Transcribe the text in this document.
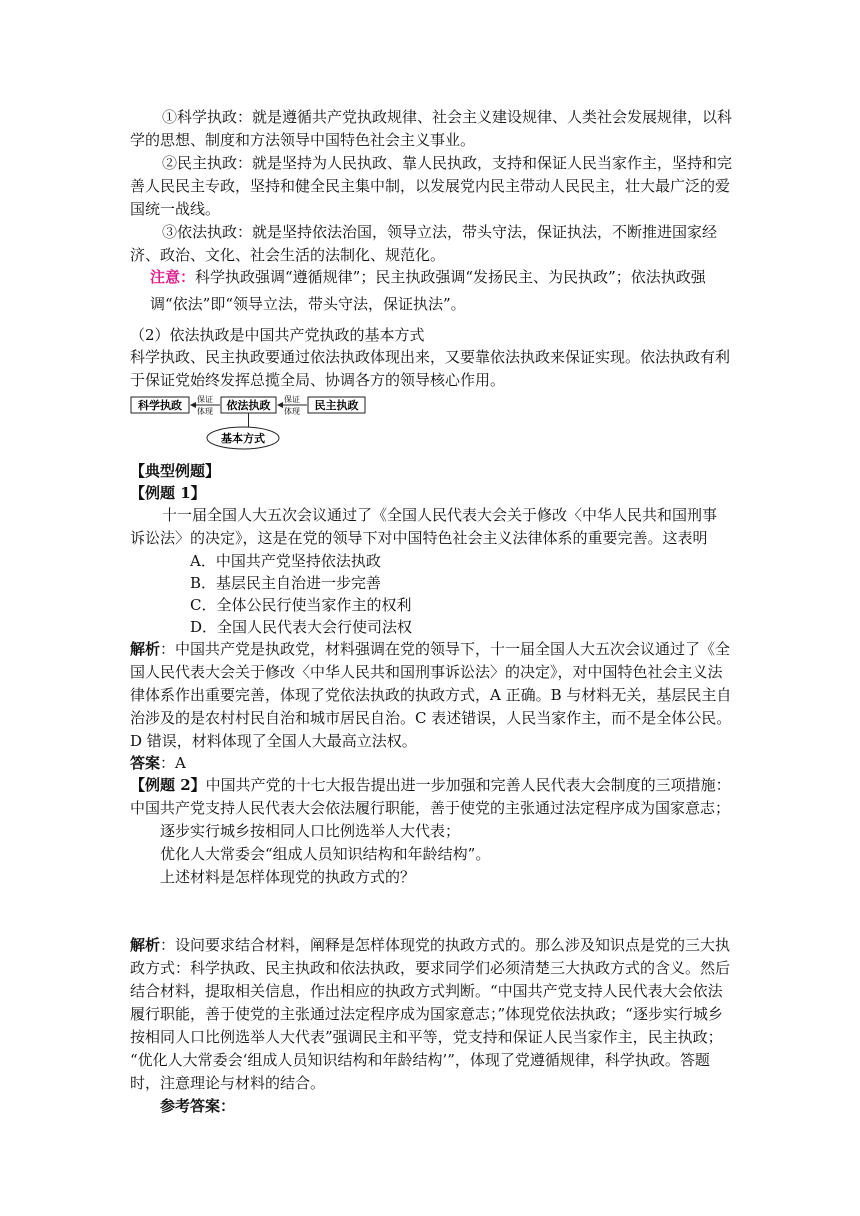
①科学执政：就是遵循共产党执政规律、社会主义建设规律、人类社会发展规律，以科
学的思想、制度和方法领导中国特色社会主义事业。
②民主执政：就是坚持为人民执政、靠人民执政，支持和保证人民当家作主，坚持和完
善人民民主专政，坚持和健全民主集中制，以发展党内民主带动人民民主，壮大最广泛的爱
国统一战线。
③依法执政：就是坚持依法治国，领导立法，带头守法，保证执法，不断推进国家经
济、政治、文化、社会生活的法制化、规范化。
注意：科学执政强调“遵循规律”；民主执政强调“发扬民主、为民执政”；依法执政强
调“依法”即“领导立法，带头守法，保证执法”。
（2）依法执政是中国共产党执政的基本方式
科学执政、民主执政要通过依法执政体现出来，又要靠依法执政来保证实现。依法执政有利
于保证党始终发挥总揽全局、协调各方的领导核心作用。
科学执政	依法执政	民主执政
保证
体现
保证
体现
基本方式
【典型例题】
【例题 1】
十一届全国人大五次会议通过了《全国人民代表大会关于修改〈中华人民共和国刑事
诉讼法〉的决定》，这是在党的领导下对中国特色社会主义法律体系的重要完善。这表明
A．中国共产党坚持依法执政
B．基层民主自治进一步完善
C．全体公民行使当家作主的权利
D．全国人民代表大会行使司法权
解析：中国共产党是执政党，材料强调在党的领导下，十一届全国人大五次会议通过了《全
国人民代表大会关于修改〈中华人民共和国刑事诉讼法〉的决定》，对中国特色社会主义法
律体系作出重要完善，体现了党依法执政的执政方式，A 正确。B 与材料无关，基层民主自
治涉及的是农村村民自治和城市居民自治。C 表述错误，人民当家作主，而不是全体公民。
D 错误，材料体现了全国人大最高立法权。
答案：A
【例题 2】中国共产党的十七大报告提出进一步加强和完善人民代表大会制度的三项措施：
中国共产党支持人民代表大会依法履行职能，善于使党的主张通过法定程序成为国家意志；
逐步实行城乡按相同人口比例选举人大代表；
优化人大常委会“组成人员知识结构和年龄结构”。
上述材料是怎样体现党的执政方式的？
解析：设问要求结合材料，阐释是怎样体现党的执政方式的。那么涉及知识点是党的三大执
政方式：科学执政、民主执政和依法执政，要求同学们必须清楚三大执政方式的含义。然后
结合材料，提取相关信息，作出相应的执政方式判断。“中国共产党支持人民代表大会依法
履行职能，善于使党的主张通过法定程序成为国家意志；”体现党依法执政；“逐步实行城乡
按相同人口比例选举人大代表”强调民主和平等，党支持和保证人民当家作主，民主执政；
“优化人大常委会‘组成人员知识结构和年龄结构’”，体现了党遵循规律，科学执政。答题
时，注意理论与材料的结合。
参考答案：
